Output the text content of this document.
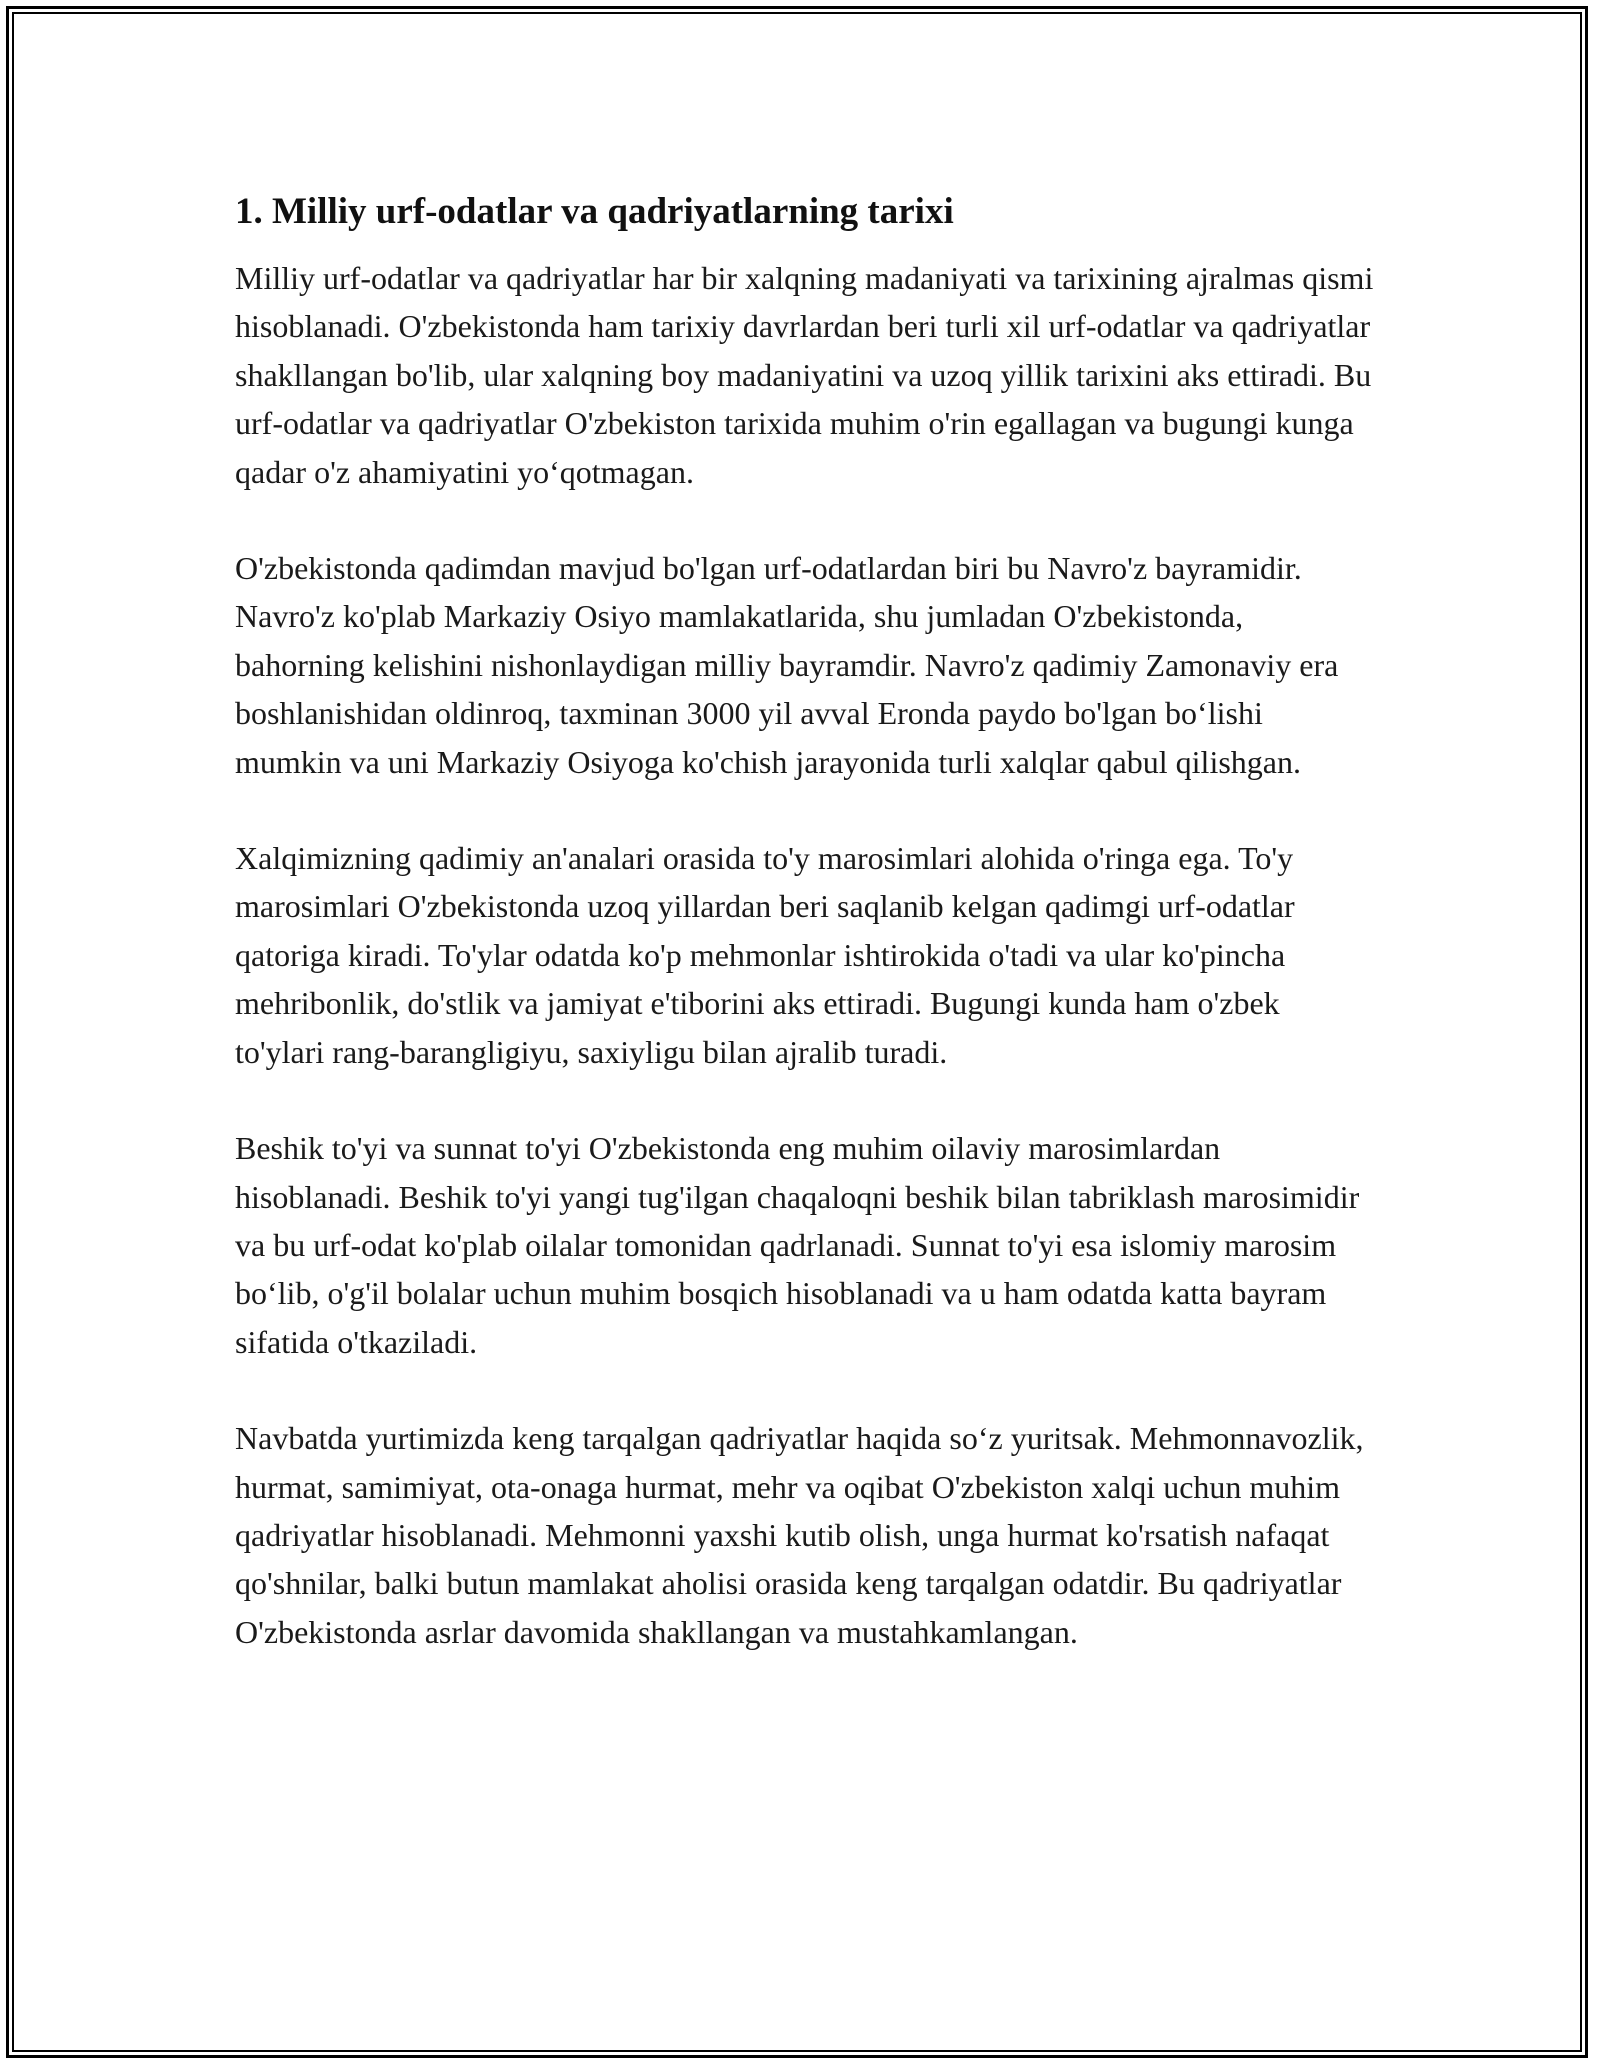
1. Milliy urf-odatlar va qadriyatlarning tarixi

Milliy urf-odatlar va qadriyatlar har bir xalqning madaniyati va tarixining ajralmas qismi hisoblanadi. O'zbekistonda ham tarixiy davrlardan beri turli xil urf-odatlar va qadriyatlar shakllangan bo'lib, ular xalqning boy madaniyatini va uzoq yillik tarixini aks ettiradi. Bu urf-odatlar va qadriyatlar O'zbekiston tarixida muhim o'rin egallagan va bugungi kunga qadar o'z ahamiyatini yo‘qotmagan.

O'zbekistonda qadimdan mavjud bo'lgan urf-odatlardan biri bu Navro'z bayramidir. Navro'z ko'plab Markaziy Osiyo mamlakatlarida, shu jumladan O'zbekistonda, bahorning kelishini nishonlaydigan milliy bayramdir. Navro'z qadimiy Zamonaviy era boshlanishidan oldinroq, taxminan 3000 yil avval Eronda paydo bo'lgan bo‘lishi mumkin va uni Markaziy Osiyoga ko'chish jarayonida turli xalqlar qabul qilishgan.

Xalqimizning qadimiy an'analari orasida to'y marosimlari alohida o'ringa ega. To'y marosimlari O'zbekistonda uzoq yillardan beri saqlanib kelgan qadimgi urf-odatlar qatoriga kiradi. To'ylar odatda ko'p mehmonlar ishtirokida o'tadi va ular ko'pincha mehribonlik, do'stlik va jamiyat e'tiborini aks ettiradi. Bugungi kunda ham o'zbek to'ylari rang-barangligiyu, saxiyligu bilan ajralib turadi.

Beshik to'yi va sunnat to'yi O'zbekistonda eng muhim oilaviy marosimlardan hisoblanadi. Beshik to'yi yangi tug'ilgan chaqaloqni beshik bilan tabriklash marosimidir va bu urf-odat ko'plab oilalar tomonidan qadrlanadi. Sunnat to'yi esa islomiy marosim bo‘lib, o'g'il bolalar uchun muhim bosqich hisoblanadi va u ham odatda katta bayram sifatida o'tkaziladi.

Navbatda yurtimizda keng tarqalgan qadriyatlar haqida so‘z yuritsak. Mehmonnavozlik, hurmat, samimiyat, ota-onaga hurmat, mehr va oqibat O'zbekiston xalqi uchun muhim qadriyatlar hisoblanadi. Mehmonni yaxshi kutib olish, unga hurmat ko'rsatish nafaqat qo'shnilar, balki butun mamlakat aholisi orasida keng tarqalgan odatdir. Bu qadriyatlar O'zbekistonda asrlar davomida shakllangan va mustahkamlangan.
